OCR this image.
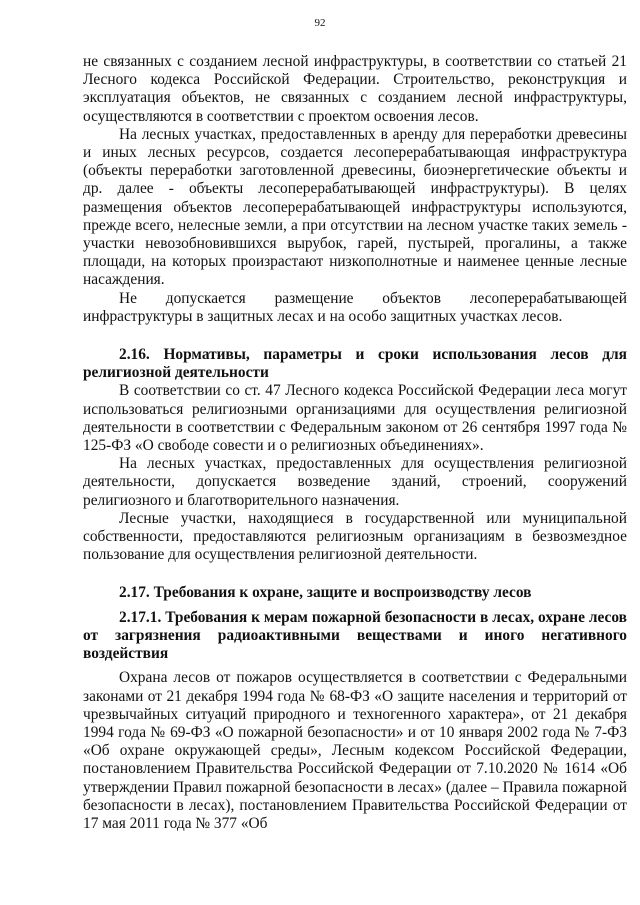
92

не связанных с созданием лесной инфраструктуры, в соответствии со статьей 21 Лесного кодекса Российской Федерации. Строительство, реконструкция и эксплуатация объектов, не связанных с созданием лесной инфраструктуры, осуществляются в соответствии с проектом освоения лесов.

На лесных участках, предоставленных в аренду для переработки древесины и иных лесных ресурсов, создается лесоперерабатывающая инфраструктура (объекты переработки заготовленной древесины, биоэнергетические объекты и др. далее - объекты лесоперерабатывающей инфраструктуры). В целях размещения объектов лесоперерабатывающей инфраструктуры используются, прежде всего, нелесные земли, а при отсутствии на лесном участке таких земель - участки невозобновившихся вырубок, гарей, пустырей, прогалины, а также площади, на которых произрастают низкополнотные и наименее ценные лесные насаждения.

Не допускается размещение объектов лесоперерабатывающей инфраструктуры в защитных лесах и на особо защитных участках лесов.

2.16. Нормативы, параметры и сроки использования лесов для религиозной деятельности

В соответствии со ст. 47 Лесного кодекса Российской Федерации леса могут использоваться религиозными организациями для осуществления религиозной деятельности в соответствии с Федеральным законом от 26 сентября 1997 года № 125-ФЗ «О свободе совести и о религиозных объединениях».

На лесных участках, предоставленных для осуществления религиозной деятельности, допускается возведение зданий, строений, сооружений религиозного и благотворительного назначения.

Лесные участки, находящиеся в государственной или муниципальной собственности, предоставляются религиозным организациям в безвозмездное пользование для осуществления религиозной деятельности.

2.17. Требования к охране, защите и воспроизводству лесов
2.17.1. Требования к мерам пожарной безопасности в лесах, охране лесов от загрязнения радиоактивными веществами и иного негативного воздействия

Охрана лесов от пожаров осуществляется в соответствии с Федеральными законами от 21 декабря 1994 года № 68-ФЗ «О защите населения и территорий от чрезвычайных ситуаций природного и техногенного характера», от 21 декабря 1994 года № 69-ФЗ «О пожарной безопасности» и от 10 января 2002 года № 7-ФЗ «Об охране окружающей среды», Лесным кодексом Российской Федерации, постановлением Правительства Российской Федерации от 7.10.2020 № 1614 «Об утверждении Правил пожарной безопасности в лесах» (далее – Правила пожарной безопасности в лесах), постановлением Правительства Российской Федерации от 17 мая 2011 года № 377 «Об
